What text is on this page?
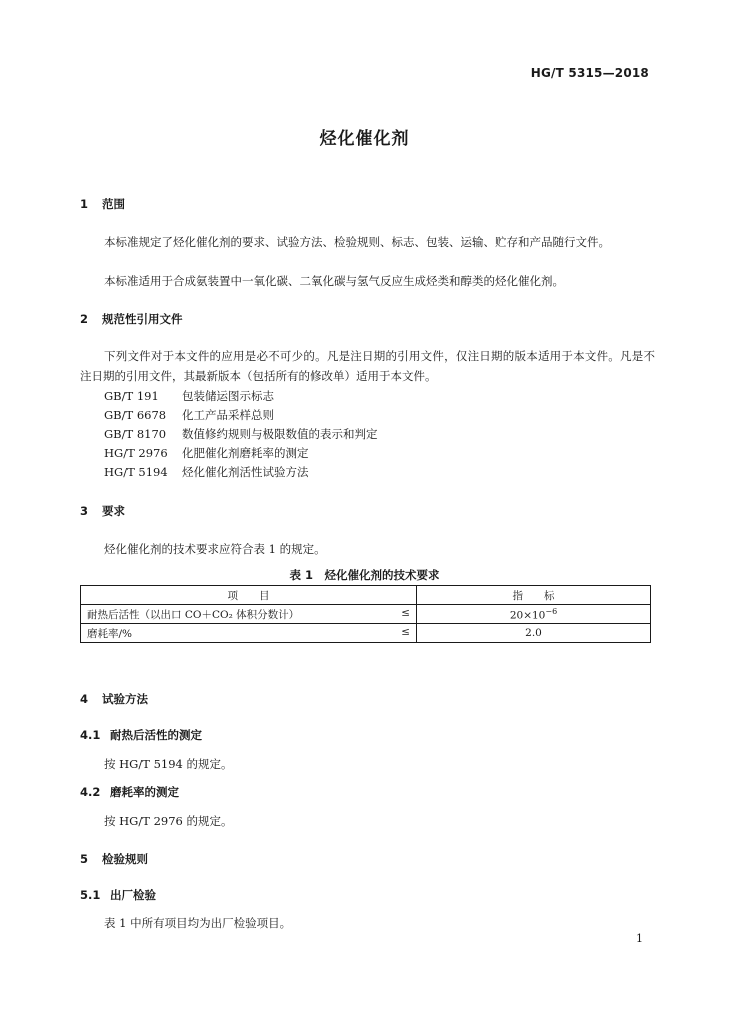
HG/T 5315—2018
烃化催化剂
1 范围
本标准规定了烃化催化剂的要求、试验方法、检验规则、标志、包装、运输、贮存和产品随行文件。
本标准适用于合成氨装置中一氧化碳、二氧化碳与氢气反应生成烃类和醇类的烃化催化剂。
2 规范性引用文件
下列文件对于本文件的应用是必不可少的。凡是注日期的引用文件，仅注日期的版本适用于本文件。凡是不注日期的引用文件，其最新版本（包括所有的修改单）适用于本文件。
GB/T 191 包装储运图示标志
GB/T 6678 化工产品采样总则
GB/T 8170 数值修约规则与极限数值的表示和判定
HG/T 2976 化肥催化剂磨耗率的测定
HG/T 5194 烃化催化剂活性试验方法
3 要求
烃化催化剂的技术要求应符合表 1 的规定。
表 1　烃化催化剂的技术要求
项　　目	指　　标
耐热后活性（以出口 CO＋CO₂ 体积分数计） ≤	$20\times 10^{-6}$
磨耗率/% ≤	2.0
4 试验方法
4.1 耐热后活性的测定
按 HG/T 5194 的规定。
4.2 磨耗率的测定
按 HG/T 2976 的规定。
5 检验规则
5.1 出厂检验
表 1 中所有项目均为出厂检验项目。
1
